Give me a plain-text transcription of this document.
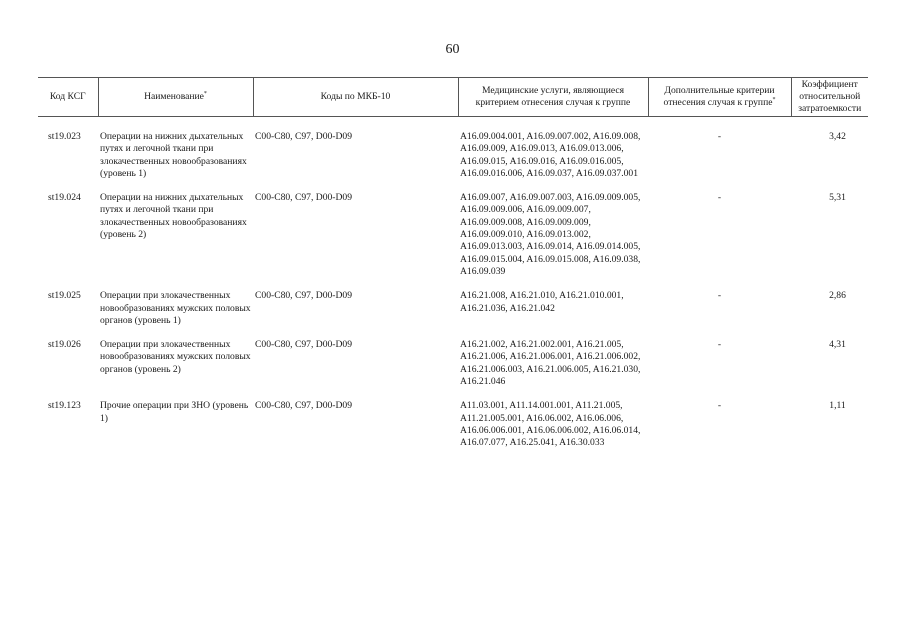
60
Код КСГ	Наименование*	Коды по МКБ-10	Медицинские услуги, являющиеся критерием отнесения случая к группе	Дополнительные критерии отнесения случая к группе*	Коэффициент относительной затратоемкости
st19.023	Операции на нижних дыхательных путях и легочной ткани при злокачественных новообразованиях (уровень 1)	C00-C80, C97, D00-D09	A16.09.004.001, A16.09.007.002, A16.09.008, A16.09.009, A16.09.013, A16.09.013.006, A16.09.015, A16.09.016, A16.09.016.005, A16.09.016.006, A16.09.037, A16.09.037.001	-	3,42
st19.024	Операции на нижних дыхательных путях и легочной ткани при злокачественных новообразованиях (уровень 2)	C00-C80, C97, D00-D09	A16.09.007, A16.09.007.003, A16.09.009.005, A16.09.009.006, A16.09.009.007, A16.09.009.008, A16.09.009.009, A16.09.009.010, A16.09.013.002, A16.09.013.003, A16.09.014, A16.09.014.005, A16.09.015.004, A16.09.015.008, A16.09.038, A16.09.039	-	5,31
st19.025	Операции при злокачественных новообразованиях мужских половых органов (уровень 1)	C00-C80, C97, D00-D09	A16.21.008, A16.21.010, A16.21.010.001, A16.21.036, A16.21.042	-	2,86
st19.026	Операции при злокачественных новообразованиях мужских половых органов (уровень 2)	C00-C80, C97, D00-D09	A16.21.002, A16.21.002.001, A16.21.005, A16.21.006, A16.21.006.001, A16.21.006.002, A16.21.006.003, A16.21.006.005, A16.21.030, A16.21.046	-	4,31
st19.123	Прочие операции при ЗНО (уровень 1)	C00-C80, C97, D00-D09	A11.03.001, A11.14.001.001, A11.21.005, A11.21.005.001, A16.06.002, A16.06.006, A16.06.006.001, A16.06.006.002, A16.06.014, A16.07.077, A16.25.041, A16.30.033	-	1,11
